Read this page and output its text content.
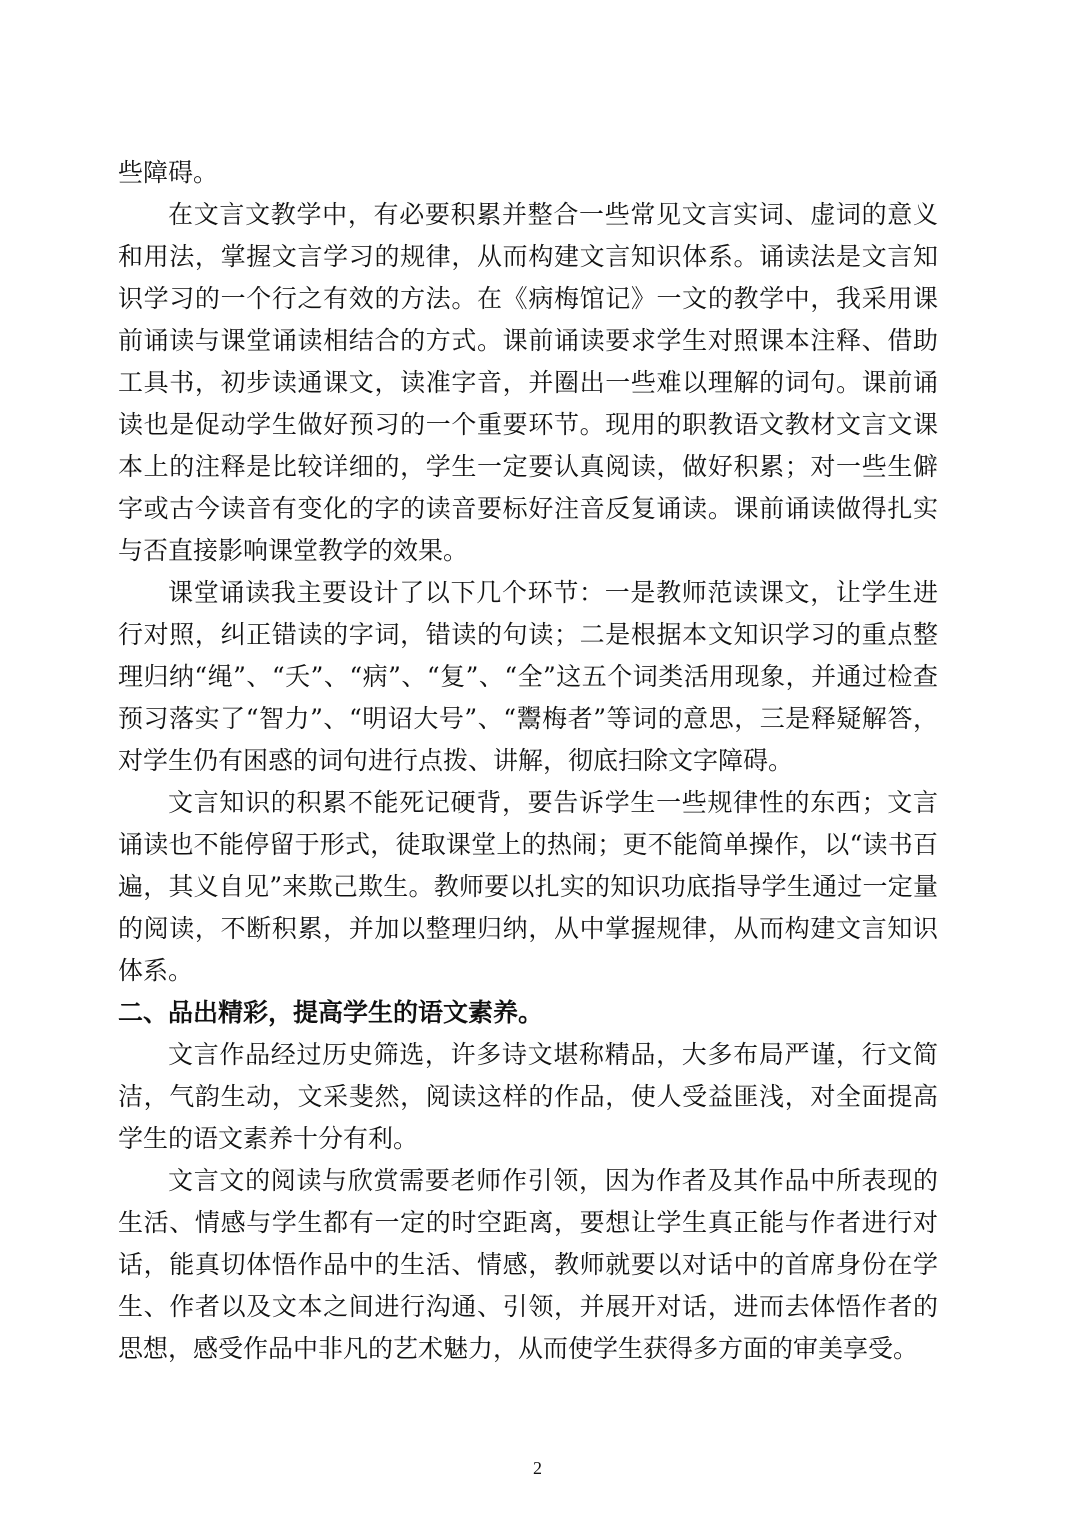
些障碍。

在文言文教学中，有必要积累并整合一些常见文言实词、虚词的意义和用法，掌握文言学习的规律，从而构建文言知识体系。诵读法是文言知识学习的一个行之有效的方法。在《病梅馆记》一文的教学中，我采用课前诵读与课堂诵读相结合的方式。课前诵读要求学生对照课本注释、借助工具书，初步读通课文，读准字音，并圈出一些难以理解的词句。课前诵读也是促动学生做好预习的一个重要环节。现用的职教语文教材文言文课本上的注释是比较详细的，学生一定要认真阅读，做好积累；对一些生僻字或古今读音有变化的字的读音要标好注音反复诵读。课前诵读做得扎实与否直接影响课堂教学的效果。

课堂诵读我主要设计了以下几个环节：一是教师范读课文，让学生进行对照，纠正错读的字词，错读的句读；二是根据本文知识学习的重点整理归纳“绳”、“夭”、“病”、“复”、“全”这五个词类活用现象，并通过检查预习落实了“智力”、“明诏大号”、“鬻梅者”等词的意思，三是释疑解答，对学生仍有困惑的词句进行点拨、讲解，彻底扫除文字障碍。

文言知识的积累不能死记硬背，要告诉学生一些规律性的东西；文言诵读也不能停留于形式，徒取课堂上的热闹；更不能简单操作，以“读书百遍，其义自见”来欺己欺生。教师要以扎实的知识功底指导学生通过一定量的阅读，不断积累，并加以整理归纳，从中掌握规律，从而构建文言知识体系。

二、品出精彩，提高学生的语文素养。

文言作品经过历史筛选，许多诗文堪称精品，大多布局严谨，行文简洁，气韵生动，文采斐然，阅读这样的作品，使人受益匪浅，对全面提高学生的语文素养十分有利。

文言文的阅读与欣赏需要老师作引领，因为作者及其作品中所表现的生活、情感与学生都有一定的时空距离，要想让学生真正能与作者进行对话，能真切体悟作品中的生活、情感，教师就要以对话中的首席身份在学生、作者以及文本之间进行沟通、引领，并展开对话，进而去体悟作者的思想，感受作品中非凡的艺术魅力，从而使学生获得多方面的审美享受。

2
